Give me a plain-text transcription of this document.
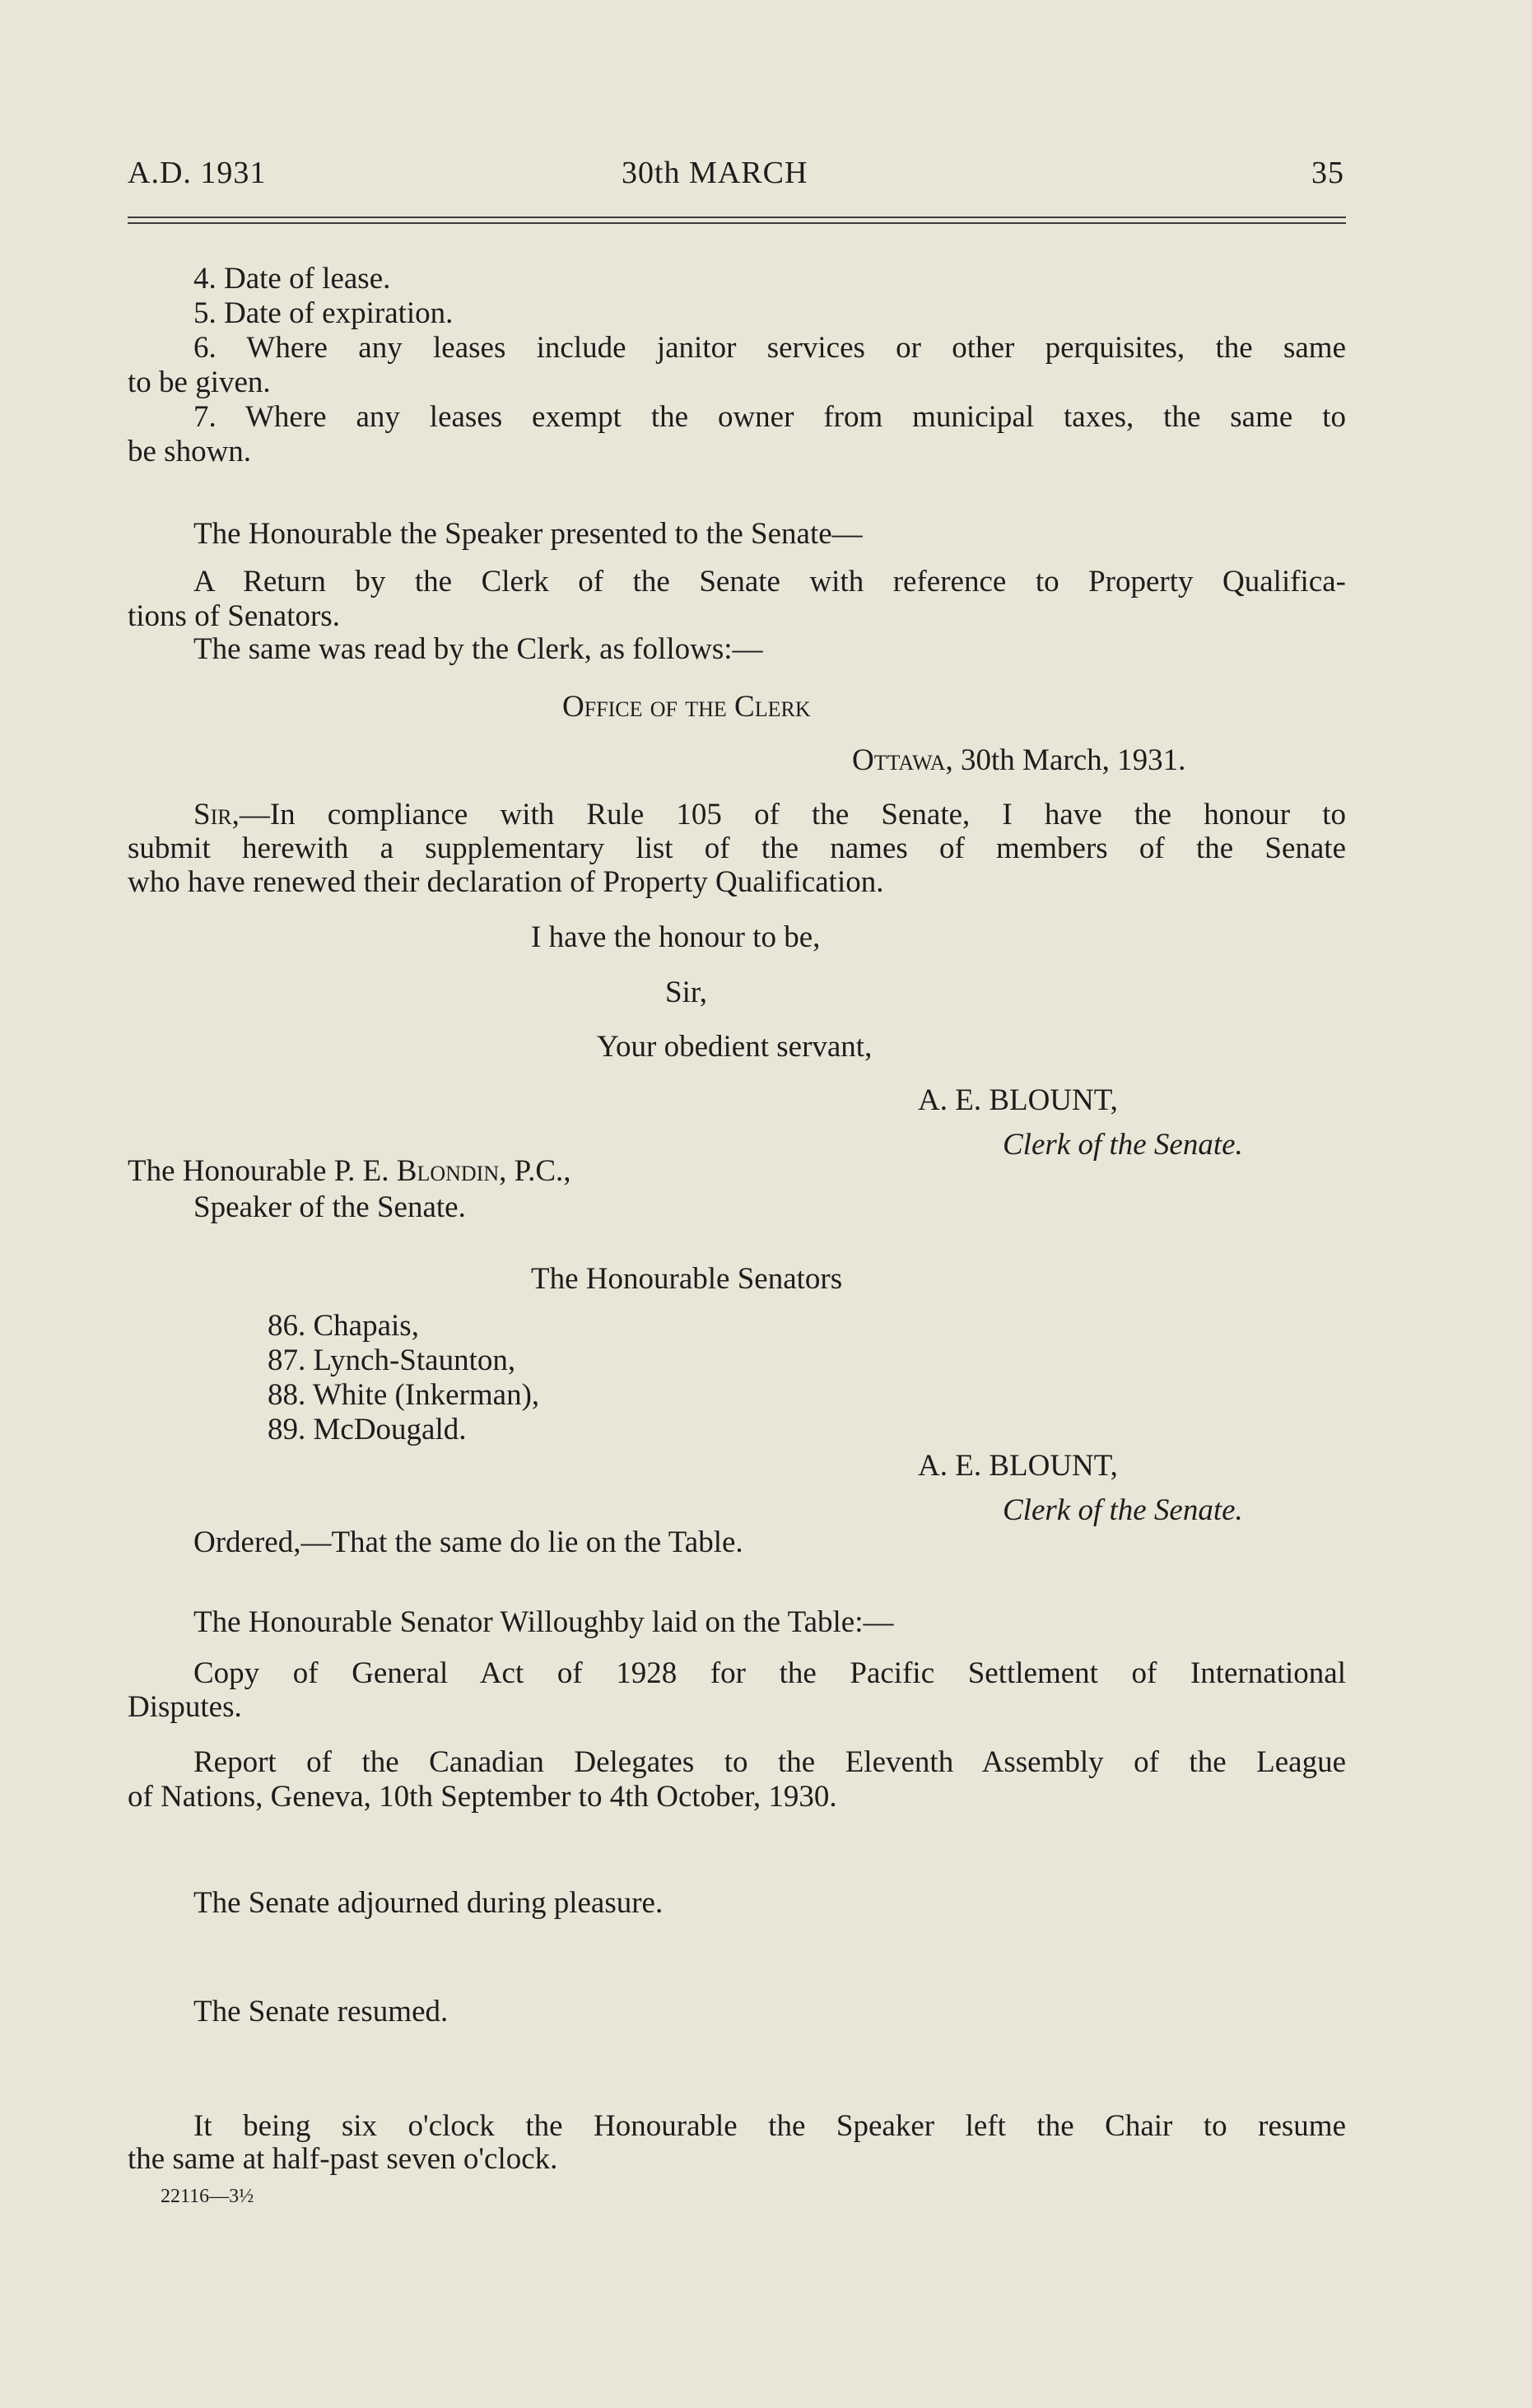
A.D. 1931	30th MARCH	35
4. Date of lease.
5. Date of expiration.
6. Where any leases include janitor services or other perquisites, the same
to be given.
7. Where any leases exempt the owner from municipal taxes, the same to
be shown.
The Honourable the Speaker presented to the Senate—
A Return by the Clerk of the Senate with reference to Property Qualifica-
tions of Senators.
The same was read by the Clerk, as follows:—
Office of the Clerk
Ottawa, 30th March, 1931.
Sir,—In compliance with Rule 105 of the Senate, I have the honour to
submit herewith a supplementary list of the names of members of the Senate
who have renewed their declaration of Property Qualification.
I have the honour to be,
Sir,
Your obedient servant,
A. E. BLOUNT,
Clerk of the Senate.
The Honourable P. E. Blondin, P.C.,
Speaker of the Senate.
The Honourable Senators
86. Chapais,
87. Lynch-Staunton,
88. White (Inkerman),
89. McDougald.
A. E. BLOUNT,
Clerk of the Senate.
Ordered,—That the same do lie on the Table.
The Honourable Senator Willoughby laid on the Table:—
Copy of General Act of 1928 for the Pacific Settlement of International
Disputes.
Report of the Canadian Delegates to the Eleventh Assembly of the League
of Nations, Geneva, 10th September to 4th October, 1930.
The Senate adjourned during pleasure.
The Senate resumed.
It being six o'clock the Honourable the Speaker left the Chair to resume
the same at half-past seven o'clock.
22116—3½
